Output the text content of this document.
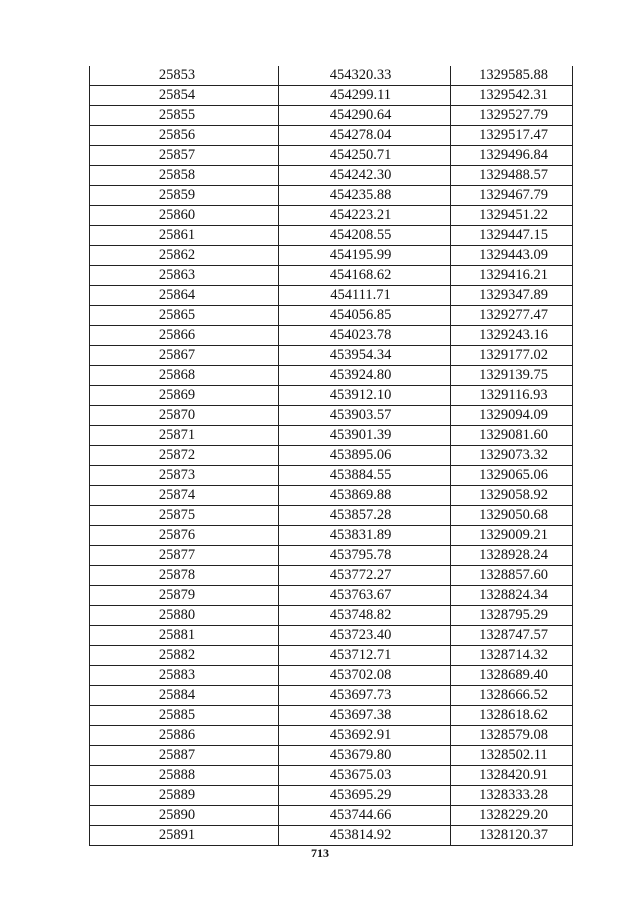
25853	454320.33	1329585.88
25854	454299.11	1329542.31
25855	454290.64	1329527.79
25856	454278.04	1329517.47
25857	454250.71	1329496.84
25858	454242.30	1329488.57
25859	454235.88	1329467.79
25860	454223.21	1329451.22
25861	454208.55	1329447.15
25862	454195.99	1329443.09
25863	454168.62	1329416.21
25864	454111.71	1329347.89
25865	454056.85	1329277.47
25866	454023.78	1329243.16
25867	453954.34	1329177.02
25868	453924.80	1329139.75
25869	453912.10	1329116.93
25870	453903.57	1329094.09
25871	453901.39	1329081.60
25872	453895.06	1329073.32
25873	453884.55	1329065.06
25874	453869.88	1329058.92
25875	453857.28	1329050.68
25876	453831.89	1329009.21
25877	453795.78	1328928.24
25878	453772.27	1328857.60
25879	453763.67	1328824.34
25880	453748.82	1328795.29
25881	453723.40	1328747.57
25882	453712.71	1328714.32
25883	453702.08	1328689.40
25884	453697.73	1328666.52
25885	453697.38	1328618.62
25886	453692.91	1328579.08
25887	453679.80	1328502.11
25888	453675.03	1328420.91
25889	453695.29	1328333.28
25890	453744.66	1328229.20
25891	453814.92	1328120.37
713
